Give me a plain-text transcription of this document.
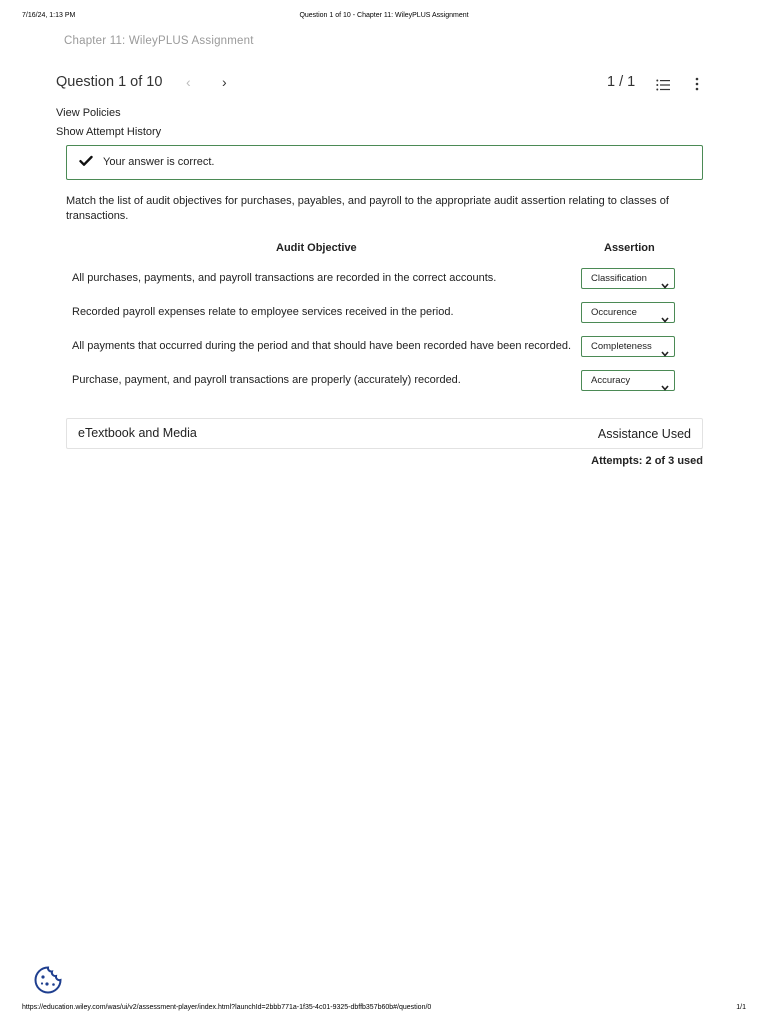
7/16/24, 1:13 PM	Question 1 of 10 - Chapter 11: WileyPLUS Assignment
Chapter 11: WileyPLUS Assignment
Question 1 of 10 ‹ ›	1 / 1
View Policies
Show Attempt History
Your answer is correct.
Match the list of audit objectives for purchases, payables, and payroll to the appropriate audit assertion relating to classes of transactions.
Audit Objective	Assertion
All purchases, payments, and payroll transactions are recorded in the correct accounts.	Classification
Recorded payroll expenses relate to employee services received in the period.	Occurence
All payments that occurred during the period and that should have been recorded have been recorded. Completeness
Purchase, payment, and payroll transactions are properly (accurately) recorded.	Accuracy
eTextbook and Media	Assistance Used
Attempts: 2 of 3 used
https://education.wiley.com/was/ui/v2/assessment-player/index.html?launchId=2bbb771a-1f35-4c01-9325-dbffb357b60b#/question/0	1/1
